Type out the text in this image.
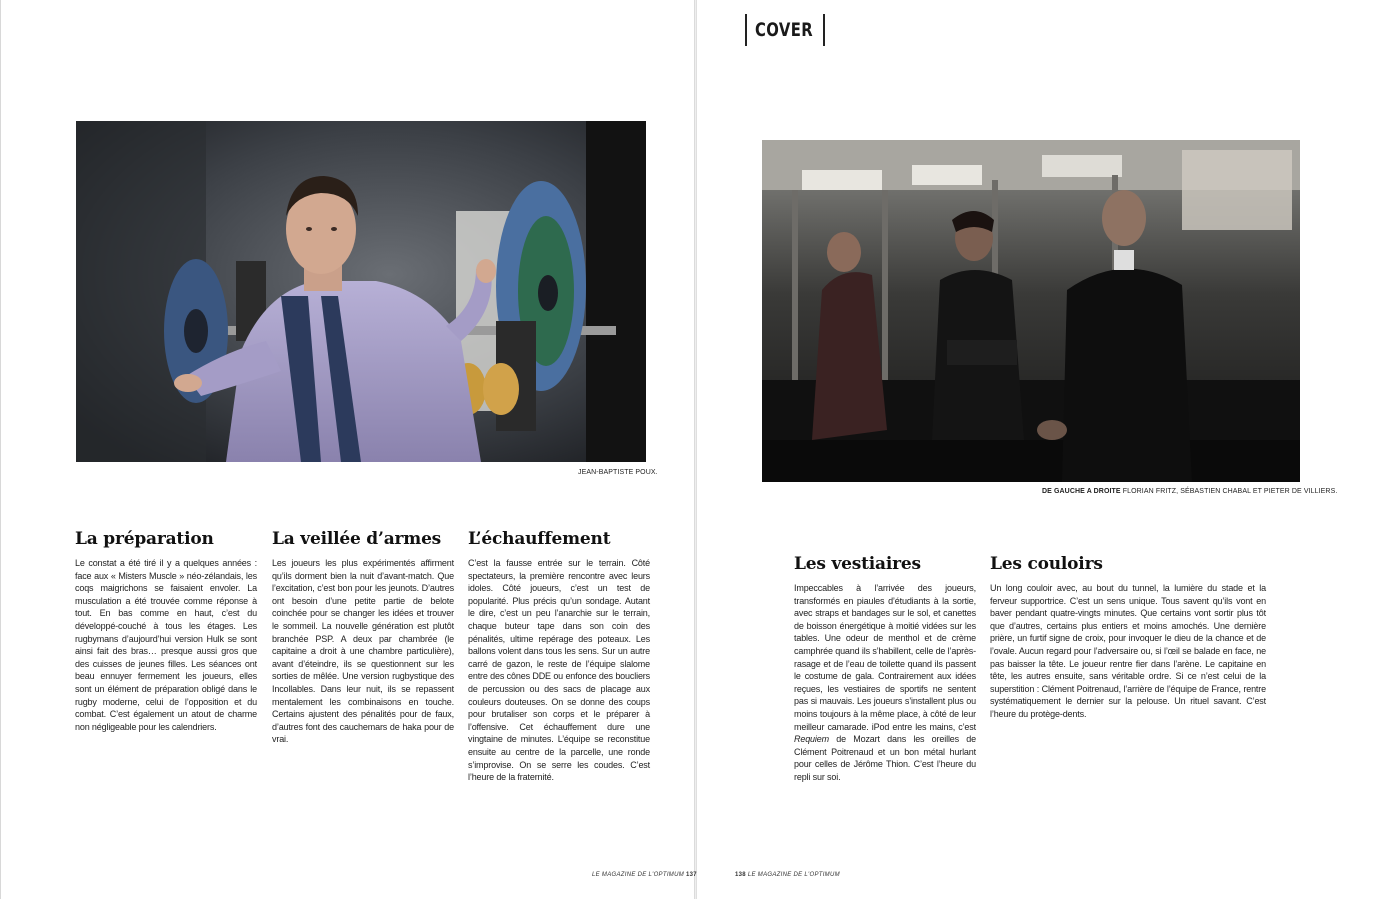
COVER
JEAN-BAPTISTE POUX.
La préparation

Le constat a été tiré il y a quelques années : face aux « Misters Muscle » néo-zélandais, les coqs maigrichons se faisaient envoler. La musculation a été trouvée comme réponse à tout. En bas comme en haut, c’est du développé-couché à tous les étages. Les rugbymans d’aujourd’hui version Hulk se sont ainsi fait des bras… presque aussi gros que des cuisses de jeunes filles. Les séances ont beau ennuyer fermement les joueurs, elles sont un élément de préparation obligé dans le rugby moderne, celui de l’opposition et du combat. C’est également un atout de charme non négligeable pour les calendriers.

La veillée d’armes

Les joueurs les plus expérimentés affirment qu’ils dorment bien la nuit d’avant-match. Que l’excitation, c’est bon pour les jeunots. D’autres ont besoin d’une petite partie de belote coinchée pour se changer les idées et trouver le sommeil. La nouvelle génération est plutôt branchée PSP. A deux par chambrée (le capitaine a droit à une chambre particulière), avant d’éteindre, ils se questionnent sur les sorties de mêlée. Une version rugbystique des Incollables. Dans leur nuit, ils se repassent mentalement les combinaisons en touche. Certains ajustent des pénalités pour de faux, d’autres font des cauchemars de haka pour de vrai.

L’échauffement

C’est la fausse entrée sur le terrain. Côté spectateurs, la première rencontre avec leurs idoles. Côté joueurs, c’est un test de popularité. Plus précis qu’un sondage. Autant le dire, c’est un peu l’anarchie sur le terrain, chaque buteur tape dans son coin des pénalités, ultime repérage des poteaux. Les ballons volent dans tous les sens. Sur un autre carré de gazon, le reste de l’équipe slalome entre des cônes DDE ou enfonce des boucliers de percussion ou des sacs de placage aux couleurs douteuses. On se donne des coups pour brutaliser son corps et le préparer à l’offensive. Cet échauffement dure une vingtaine de minutes. L’équipe se reconstitue ensuite au centre de la parcelle, une ronde s’improvise. On se serre les coudes. C’est l’heure de la fraternité.

LE MAGAZINE DE L'OPTIMUM 137
DE GAUCHE A DROITE FLORIAN FRITZ, SÉBASTIEN CHABAL ET PIETER DE VILLIERS.
Les vestiaires

Impeccables à l’arrivée des joueurs, transformés en piaules d’étudiants à la sortie, avec straps et bandages sur le sol, et canettes de boisson énergétique à moitié vidées sur les tables. Une odeur de menthol et de crème camphrée quand ils s’habillent, celle de l’après-rasage et de l’eau de toilette quand ils passent le costume de gala. Contrairement aux idées reçues, les vestiaires de sportifs ne sentent pas si mauvais. Les joueurs s’installent plus ou moins toujours à la même place, à côté de leur meilleur camarade. iPod entre les mains, c’est Requiem de Mozart dans les oreilles de Clément Poitrenaud et un bon métal hurlant pour celles de Jérôme Thion. C’est l’heure du repli sur soi.

Les couloirs

Un long couloir avec, au bout du tunnel, la lumière du stade et la ferveur supportrice. C’est un sens unique. Tous savent qu’ils vont en baver pendant quatre-vingts minutes. Que certains vont sortir plus tôt que d’autres, certains plus entiers et moins amochés. Une dernière prière, un furtif signe de croix, pour invoquer le dieu de la chance et de l’ovale. Aucun regard pour l’adversaire ou, si l’œil se balade en face, ne pas baisser la tête. Le joueur rentre fier dans l’arène. Le capitaine en tête, les autres ensuite, sans véritable ordre. Si ce n’est celui de la superstition : Clément Poitrenaud, l’arrière de l’équipe de France, rentre systématiquement le dernier sur la pelouse. Un rituel savant. C’est l’heure du protège-dents.

138 LE MAGAZINE DE L'OPTIMUM
